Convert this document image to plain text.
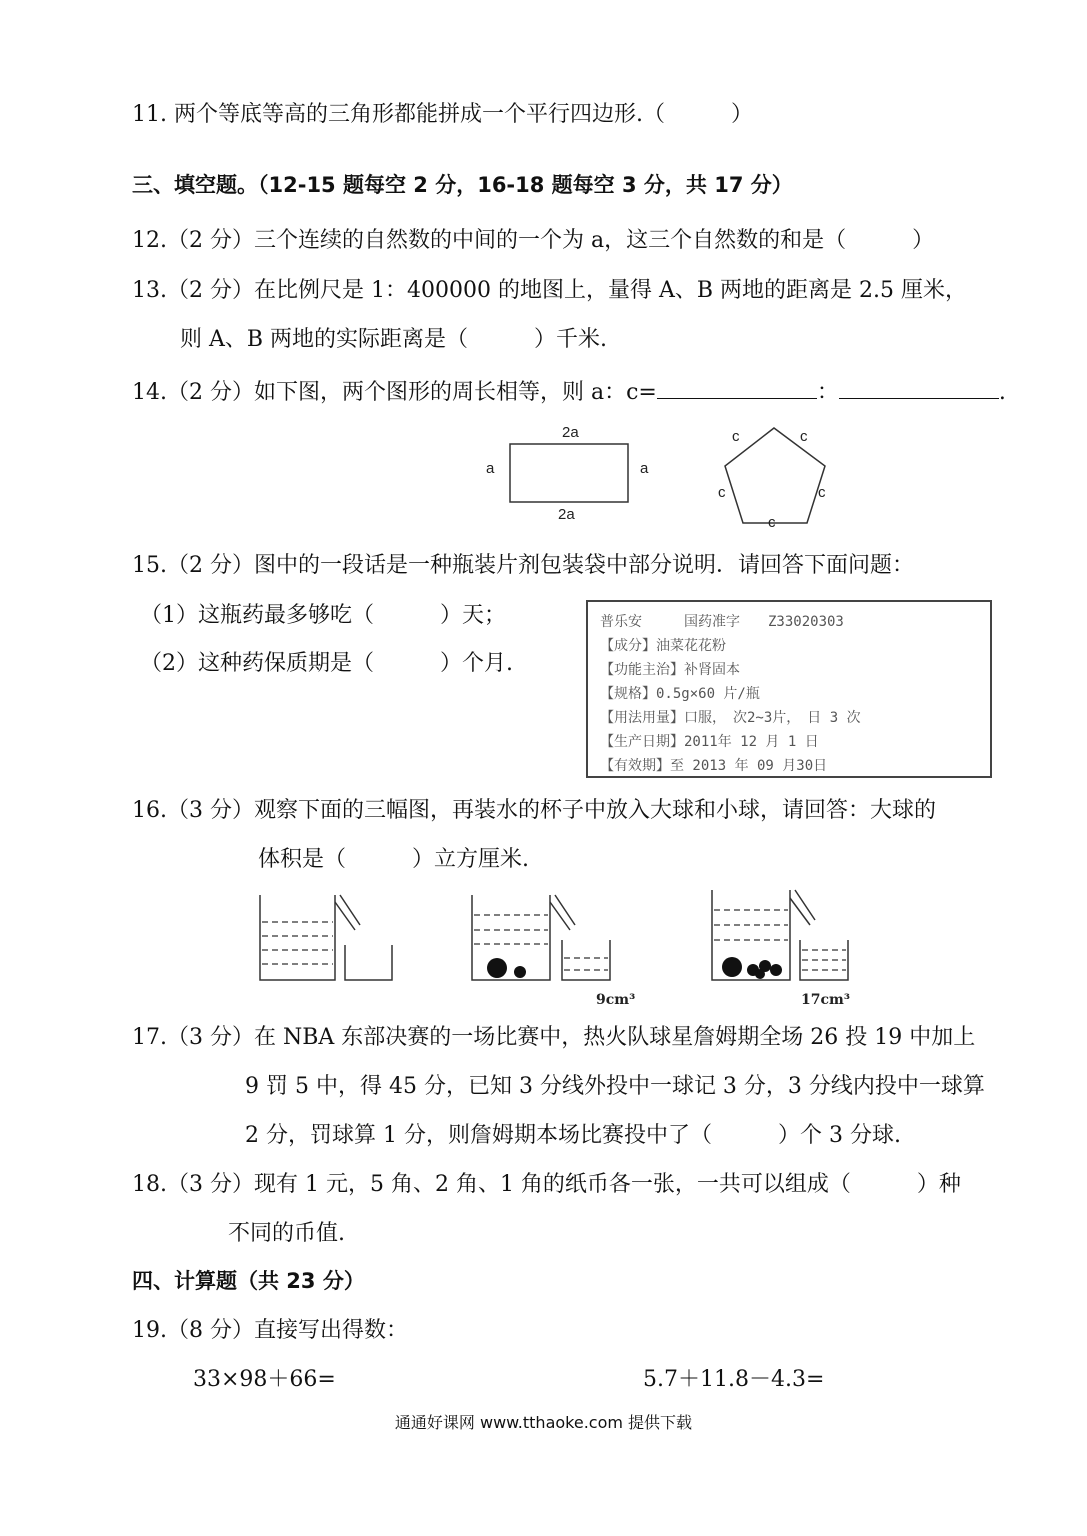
11. 两个等底等高的三角形都能拼成一个平行四边形.（　　　）
三、填空题。（12-15 题每空 2 分，16-18 题每空 3 分，共 17 分）
12.（2 分）三个连续的自然数的中间的一个为 a，这三个自然数的和是（　　　）
13.（2 分）在比例尺是 1：400000 的地图上，量得 A、B 两地的距离是 2.5 厘米，
则 A、B 两地的实际距离是（　　　）千米.
14.（2 分）如下图，两个图形的周长相等，则 a：c=	：	.
2a
2a
a	a
c	c
c	c
c
15.（2 分）图中的一段话是一种瓶装片剂包装袋中部分说明．请回答下面问题：
（1）这瓶药最多够吃（　　　）天；
（2）这种药保质期是（　　　）个月.
普乐安　　　国药准字　　Z33020303
【成分】油菜花花粉
【功能主治】补肾固本
【规格】0.5g×60 片/瓶
【用法用量】口服，　次2~3片，　日 3 次
【生产日期】2011年 12 月 1 日
【有效期】至 2013 年 09 月30日
16.（3 分）观察下面的三幅图，再装水的杯子中放入大球和小球，请回答：大球的
体积是（　　　）立方厘米.
9cm³	17cm³
17.（3 分）在 NBA 东部决赛的一场比赛中，热火队球星詹姆期全场 26 投 19 中加上
9 罚 5 中，得 45 分，已知 3 分线外投中一球记 3 分，3 分线内投中一球算
2 分，罚球算 1 分，则詹姆期本场比赛投中了（　　　）个 3 分球.
18.（3 分）现有 1 元，5 角、2 角、1 角的纸币各一张，一共可以组成（　　　）种
不同的币值.
四、计算题（共 23 分）
19.（8 分）直接写出得数：
33×98＋66=	5.7＋11.8－4.3=
通通好课网 www.tthaoke.com 提供下载
